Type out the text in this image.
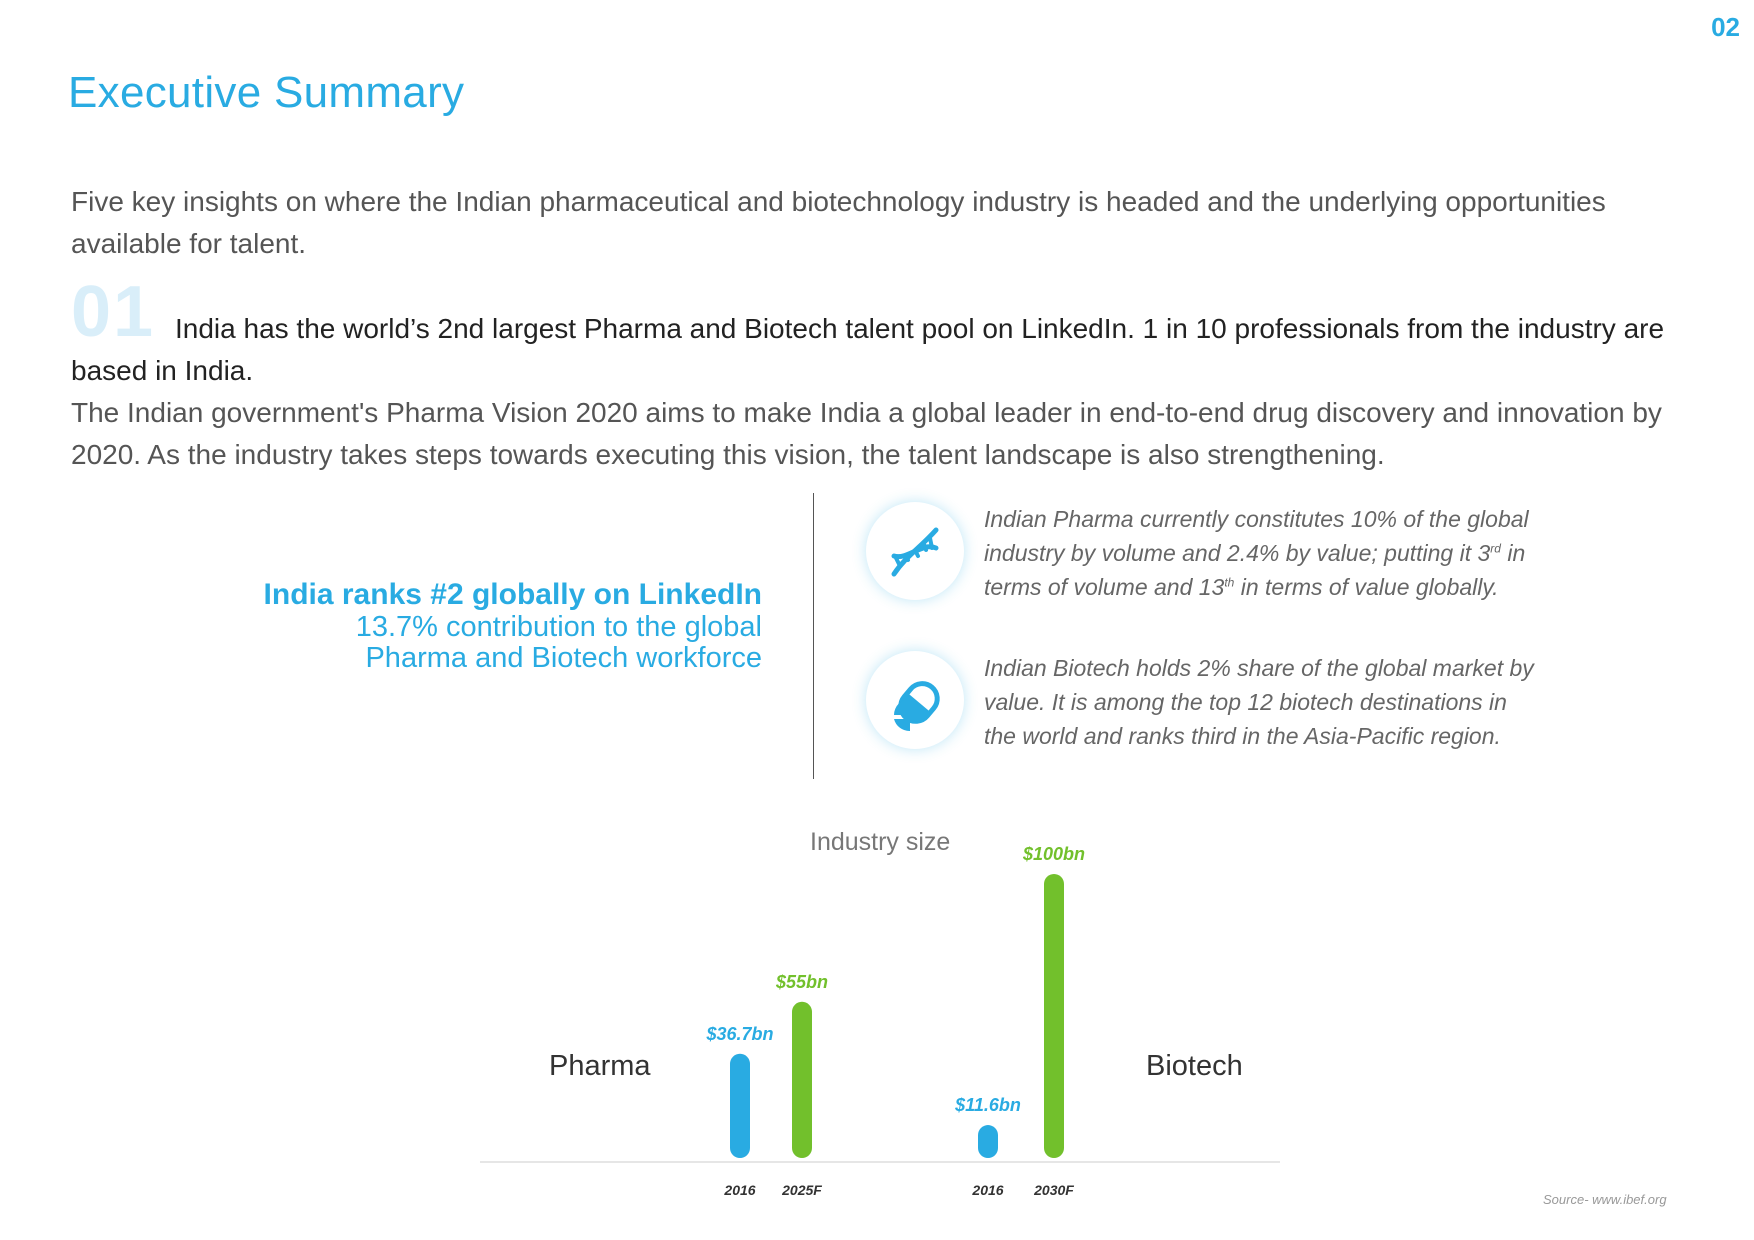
02
Executive Summary

Five key insights on where the Indian pharmaceutical and biotechnology industry is headed and the underlying opportunities available for talent.

01 India has the world’s 2nd largest Pharma and Biotech talent pool on LinkedIn. 1 in 10 professionals from the industry are based in India.

The Indian government's Pharma Vision 2020 aims to make India a global leader in end-to-end drug discovery and innovation by 2020. As the industry takes steps towards executing this vision, the talent landscape is also strengthening.

India ranks #2 globally on LinkedIn
13.7% contribution to the global
Pharma and Biotech workforce

Indian Pharma currently constitutes 10% of the global industry by volume and 2.4% by value; putting it 3rd in terms of volume and 13th in terms of value globally.

Indian Biotech holds 2% share of the global market by value. It is among the top 12 biotech destinations in the world and ranks third in the Asia-Pacific region.

Industry size
$36.7bn
2016
$55bn
2025F
$11.6bn
2016
$100bn
2030F
Pharma	Biotech
Source- www.ibef.org
